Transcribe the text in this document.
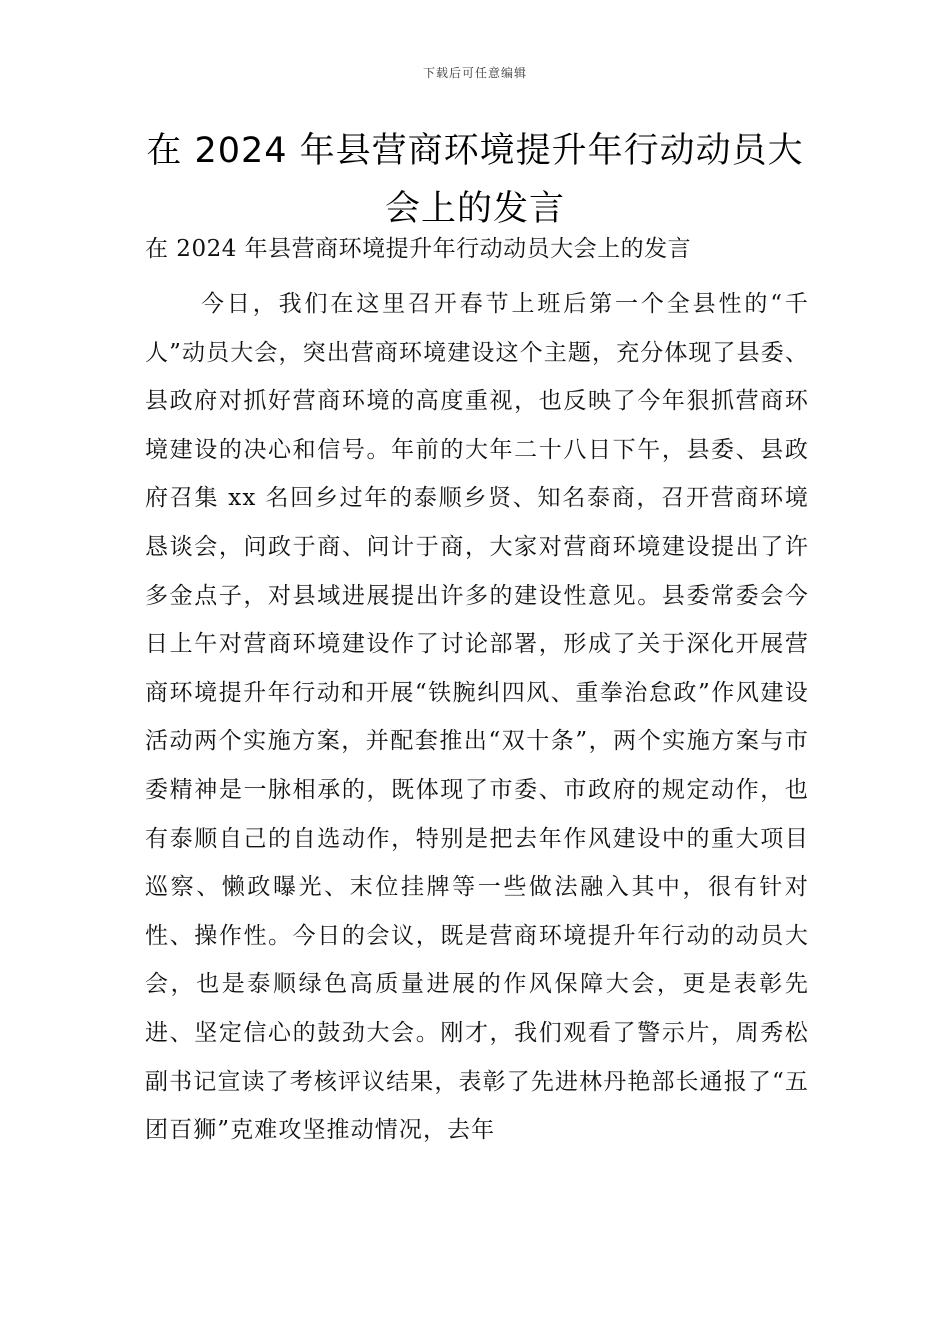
下载后可任意编辑
在 2024 年县营商环境提升年行动动员大会上的发言

在 2024 年县营商环境提升年行动动员大会上的发言

今日，我们在这里召开春节上班后第一个全县性的“千人”动员大会，突出营商环境建设这个主题，充分体现了县委、县政府对抓好营商环境的高度重视，也反映了今年狠抓营商环境建设的决心和信号。年前的大年二十八日下午，县委、县政府召集 xx 名回乡过年的泰顺乡贤、知名泰商，召开营商环境恳谈会，问政于商、问计于商，大家对营商环境建设提出了许多金点子，对县域进展提出许多的建设性意见。县委常委会今日上午对营商环境建设作了讨论部署，形成了关于深化开展营商环境提升年行动和开展“铁腕纠四风、重拳治怠政”作风建设活动两个实施方案，并配套推出“双十条”，两个实施方案与市委精神是一脉相承的，既体现了市委、市政府的规定动作，也有泰顺自己的自选动作，特别是把去年作风建设中的重大项目巡察、懒政曝光、末位挂牌等一些做法融入其中，很有针对性、操作性。今日的会议，既是营商环境提升年行动的动员大会，也是泰顺绿色高质量进展的作风保障大会，更是表彰先进、坚定信心的鼓劲大会。刚才，我们观看了警示片，周秀松副书记宣读了考核评议结果，表彰了先进林丹艳部长通报了“五团百狮”克难攻坚推动情况，去年
